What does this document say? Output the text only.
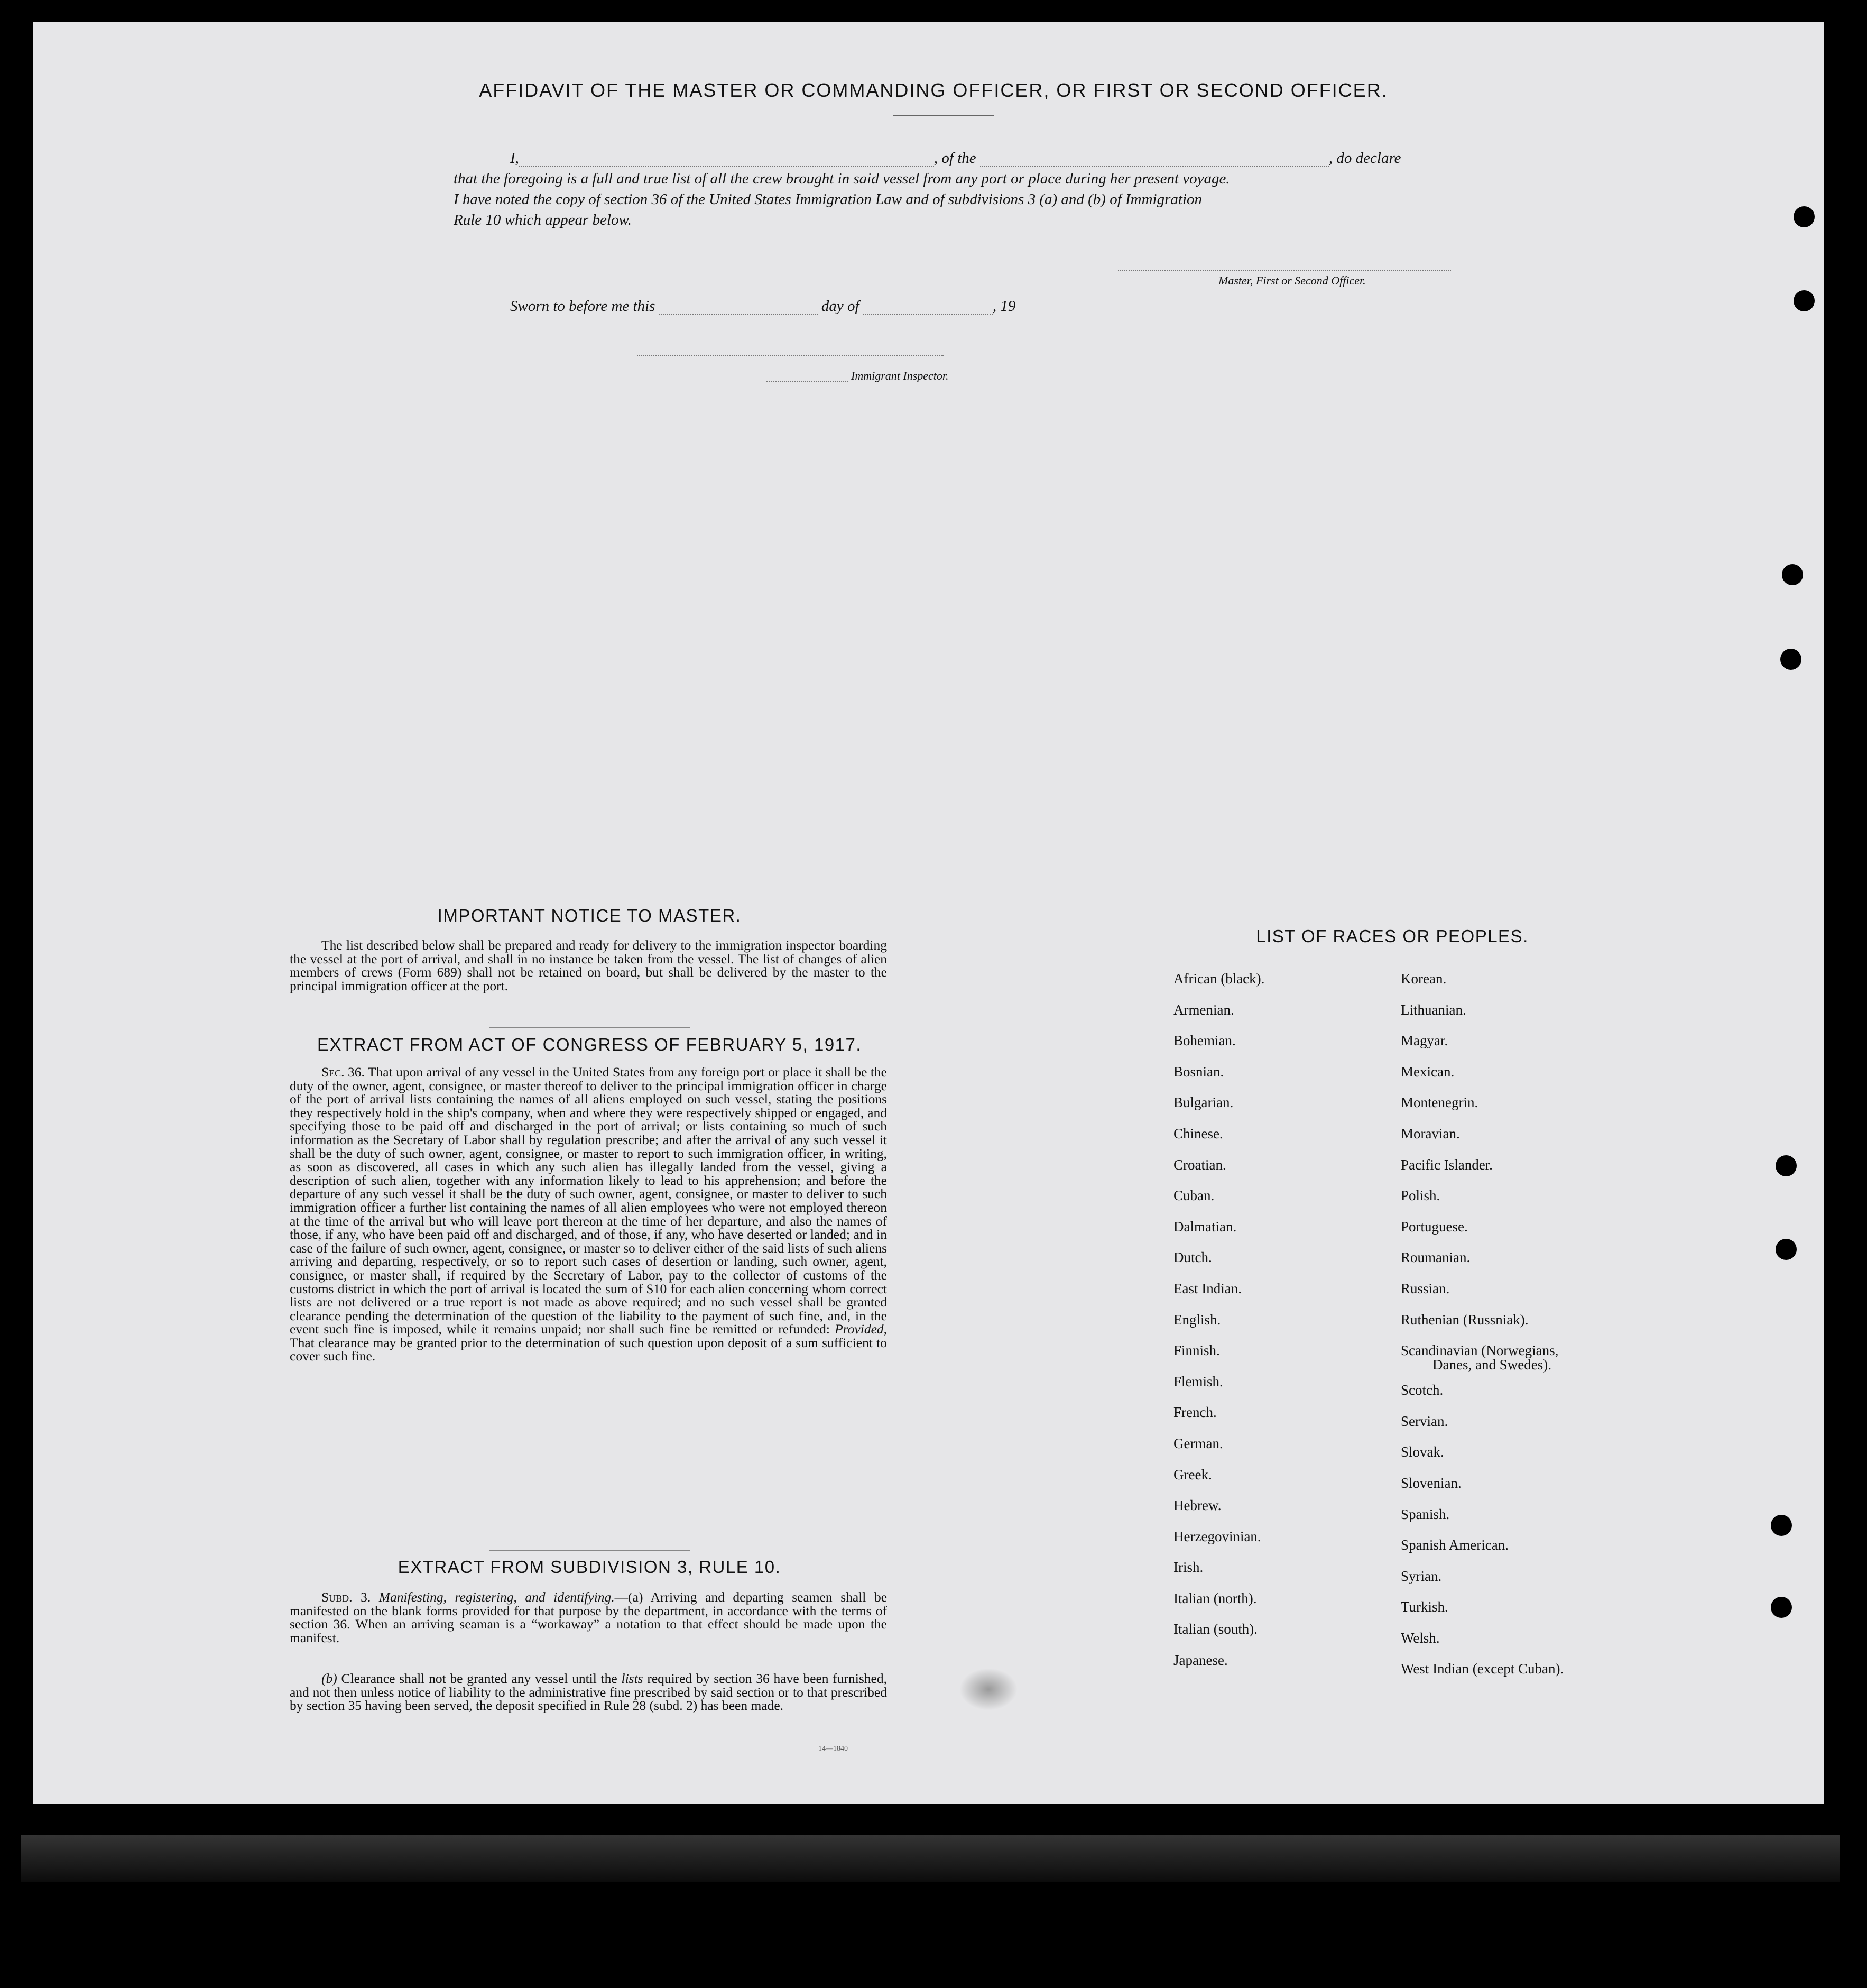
AFFIDAVIT OF THE MASTER OR COMMANDING OFFICER, OR FIRST OR SECOND OFFICER.
I,	, of the	, do declare
that the foregoing is a full and true list of all the crew brought in said vessel from any port or place during her present voyage.
I have noted the copy of section 36 of the United States Immigration Law and of subdivisions 3 (a) and (b) of Immigration
Rule 10 which appear below.
Master, First or Second Officer.
Sworn to before me this	day of	, 19
Immigrant Inspector.
IMPORTANT NOTICE TO MASTER.
The list described below shall be prepared and ready for delivery to the immigration inspector boarding the vessel at the port of arrival, and shall in no instance be taken from the vessel. The list of changes of alien members of crews (Form 689) shall not be retained on board, but shall be delivered by the master to the principal immigration officer at the port.
EXTRACT FROM ACT OF CONGRESS OF FEBRUARY 5, 1917.
Sec. 36. That upon arrival of any vessel in the United States from any foreign port or place it shall be the duty of the owner, agent, consignee, or master thereof to deliver to the principal immigration officer in charge of the port of arrival lists containing the names of all aliens employed on such vessel, stating the positions they respectively hold in the ship's company, when and where they were respectively shipped or engaged, and specifying those to be paid off and discharged in the port of arrival; or lists containing so much of such information as the Secretary of Labor shall by regulation prescribe; and after the arrival of any such vessel it shall be the duty of such owner, agent, consignee, or master to report to such immigration officer, in writing, as soon as discovered, all cases in which any such alien has illegally landed from the vessel, giving a description of such alien, together with any information likely to lead to his apprehension; and before the departure of any such vessel it shall be the duty of such owner, agent, consignee, or master to deliver to such immigration officer a further list containing the names of all alien employees who were not employed thereon at the time of the arrival but who will leave port thereon at the time of her departure, and also the names of those, if any, who have been paid off and discharged, and of those, if any, who have deserted or landed; and in case of the failure of such owner, agent, consignee, or master so to deliver either of the said lists of such aliens arriving and departing, respectively, or so to report such cases of desertion or landing, such owner, agent, consignee, or master shall, if required by the Secretary of Labor, pay to the collector of customs of the customs district in which the port of arrival is located the sum of $10 for each alien concerning whom correct lists are not delivered or a true report is not made as above required; and no such vessel shall be granted clearance pending the determination of the question of the liability to the payment of such fine, and, in the event such fine is imposed, while it remains unpaid; nor shall such fine be remitted or refunded: Provided, That clearance may be granted prior to the determination of such question upon deposit of a sum sufficient to cover such fine.
EXTRACT FROM SUBDIVISION 3, RULE 10.
Subd. 3. Manifesting, registering, and identifying.—(a) Arriving and departing seamen shall be manifested on the blank forms provided for that purpose by the department, in accordance with the terms of section 36. When an arriving seaman is a “workaway” a notation to that effect should be made upon the manifest.
(b) Clearance shall not be granted any vessel until the lists required by section 36 have been furnished, and not then unless notice of liability to the administrative fine prescribed by said section or to that prescribed by section 35 having been served, the deposit specified in Rule 28 (subd. 2) has been made.
14—1840
LIST OF RACES OR PEOPLES.
African (black).
Armenian.
Bohemian.
Bosnian.
Bulgarian.
Chinese.
Croatian.
Cuban.
Dalmatian.
Dutch.
East Indian.
English.
Finnish.
Flemish.
French.
German.
Greek.
Hebrew.
Herzegovinian.
Irish.
Italian (north).
Italian (south).
Japanese.
Korean.
Lithuanian.
Magyar.
Mexican.
Montenegrin.
Moravian.
Pacific Islander.
Polish.
Portuguese.
Roumanian.
Russian.
Ruthenian (Russniak).
Scandinavian (Norwegians,
Danes, and Swedes).
Scotch.
Servian.
Slovak.
Slovenian.
Spanish.
Spanish American.
Syrian.
Turkish.
Welsh.
West Indian (except Cuban).
